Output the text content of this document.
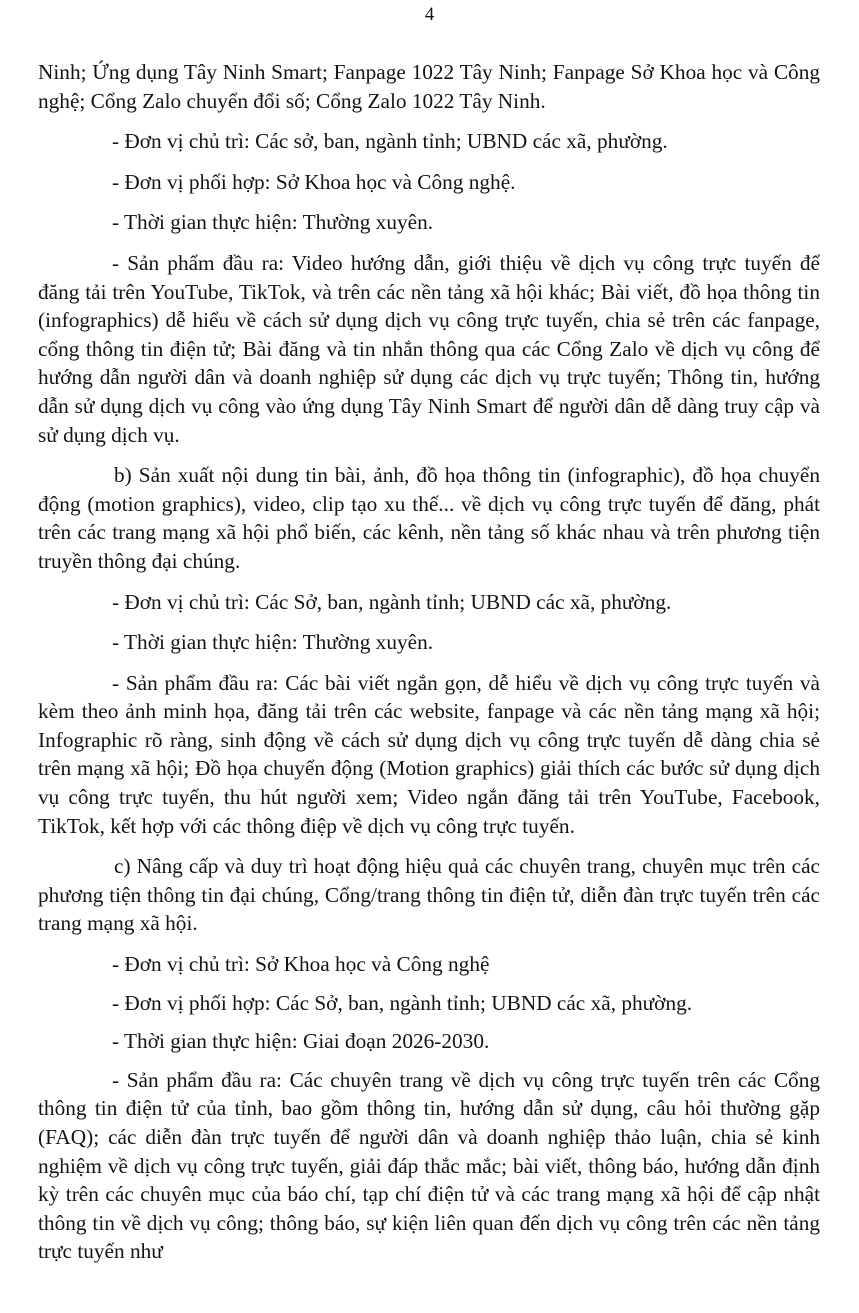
4

Ninh; Ứng dụng Tây Ninh Smart; Fanpage 1022 Tây Ninh; Fanpage Sở Khoa học và Công nghệ; Cổng Zalo chuyển đổi số; Cổng Zalo 1022 Tây Ninh.

- Đơn vị chủ trì: Các sở, ban, ngành tỉnh; UBND các xã, phường.

- Đơn vị phối hợp: Sở Khoa học và Công nghệ.

- Thời gian thực hiện: Thường xuyên.

- Sản phẩm đầu ra: Video hướng dẫn, giới thiệu về dịch vụ công trực tuyến để đăng tải trên YouTube, TikTok, và trên các nền tảng xã hội khác; Bài viết, đồ họa thông tin (infographics) dễ hiểu về cách sử dụng dịch vụ công trực tuyến, chia sẻ trên các fanpage, cổng thông tin điện tử; Bài đăng và tin nhắn thông qua các Cổng Zalo về dịch vụ công để hướng dẫn người dân và doanh nghiệp sử dụng các dịch vụ trực tuyến; Thông tin, hướng dẫn sử dụng dịch vụ công vào ứng dụng Tây Ninh Smart để người dân dễ dàng truy cập và sử dụng dịch vụ.

b) Sản xuất nội dung tin bài, ảnh, đồ họa thông tin (infographic), đồ họa chuyển động (motion graphics), video, clip tạo xu thế... về dịch vụ công trực tuyến để đăng, phát trên các trang mạng xã hội phổ biến, các kênh, nền tảng số khác nhau và trên phương tiện truyền thông đại chúng.

- Đơn vị chủ trì: Các Sở, ban, ngành tỉnh; UBND các xã, phường.

- Thời gian thực hiện: Thường xuyên.

- Sản phẩm đầu ra: Các bài viết ngắn gọn, dễ hiểu về dịch vụ công trực tuyến và kèm theo ảnh minh họa, đăng tải trên các website, fanpage và các nền tảng mạng xã hội; Infographic rõ ràng, sinh động về cách sử dụng dịch vụ công trực tuyến dễ dàng chia sẻ trên mạng xã hội; Đồ họa chuyển động (Motion graphics) giải thích các bước sử dụng dịch vụ công trực tuyến, thu hút người xem; Video ngắn đăng tải trên YouTube, Facebook, TikTok, kết hợp với các thông điệp về dịch vụ công trực tuyến.

c) Nâng cấp và duy trì hoạt động hiệu quả các chuyên trang, chuyên mục trên các phương tiện thông tin đại chúng, Cổng/trang thông tin điện tử, diễn đàn trực tuyến trên các trang mạng xã hội.

- Đơn vị chủ trì: Sở Khoa học và Công nghệ

- Đơn vị phối hợp: Các Sở, ban, ngành tỉnh; UBND các xã, phường.

- Thời gian thực hiện: Giai đoạn 2026-2030.

- Sản phẩm đầu ra: Các chuyên trang về dịch vụ công trực tuyến trên các Cổng thông tin điện tử của tỉnh, bao gồm thông tin, hướng dẫn sử dụng, câu hỏi thường gặp (FAQ); các diễn đàn trực tuyến để người dân và doanh nghiệp thảo luận, chia sẻ kinh nghiệm về dịch vụ công trực tuyến, giải đáp thắc mắc; bài viết, thông báo, hướng dẫn định kỳ trên các chuyên mục của báo chí, tạp chí điện tử và các trang mạng xã hội để cập nhật thông tin về dịch vụ công; thông báo, sự kiện liên quan đến dịch vụ công trên các nền tảng trực tuyến như
